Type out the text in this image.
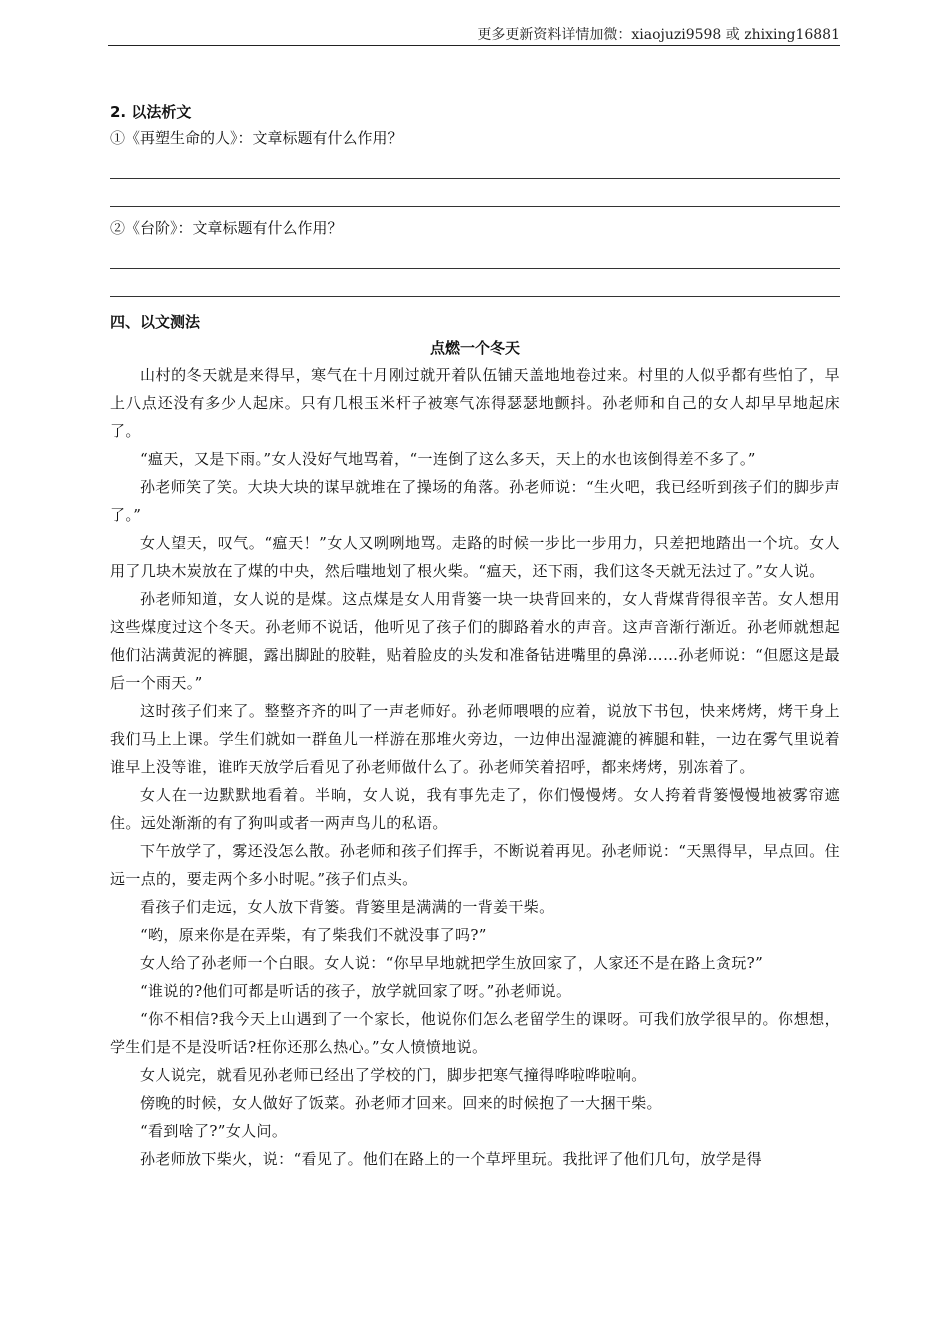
更多更新资料详情加微：xiaojuzi9598 或 zhixing16881

2. 以法析文

①《再塑生命的人》：文章标题有什么作用？

②《台阶》：文章标题有什么作用？

四、以文测法

点燃一个冬天

山村的冬天就是来得早，寒气在十月刚过就开着队伍铺天盖地地卷过来。村里的人似乎都有些怕了，早上八点还没有多少人起床。只有几根玉米杆子被寒气冻得瑟瑟地颤抖。孙老师和自己的女人却早早地起床了。

“瘟天，又是下雨。”女人没好气地骂着，“一连倒了这么多天，天上的水也该倒得差不多了。”

孙老师笑了笑。大块大块的谋早就堆在了操场的角落。孙老师说：“生火吧，我已经听到孩子们的脚步声了。”

女人望天，叹气。“瘟天！”女人又咧咧地骂。走路的时候一步比一步用力，只差把地踏出一个坑。女人用了几块木炭放在了煤的中央，然后嗤地划了根火柴。“瘟天，还下雨，我们这冬天就无法过了。”女人说。

孙老师知道，女人说的是煤。这点煤是女人用背篓一块一块背回来的，女人背煤背得很辛苦。女人想用这些煤度过这个冬天。孙老师不说话，他听见了孩子们的脚路着水的声音。这声音渐行渐近。孙老师就想起他们沾满黄泥的裤腿，露出脚趾的胶鞋，贴着脸皮的头发和准备钻进嘴里的鼻涕……孙老师说：“但愿这是最后一个雨天。”

这时孩子们来了。整整齐齐的叫了一声老师好。孙老师喂喂的应着，说放下书包，快来烤烤，烤干身上我们马上上课。学生们就如一群鱼儿一样游在那堆火旁边，一边伸出湿漉漉的裤腿和鞋，一边在雾气里说着谁早上没等谁，谁昨天放学后看见了孙老师做什么了。孙老师笑着招呼，都来烤烤，别冻着了。

女人在一边默默地看着。半晌，女人说，我有事先走了，你们慢慢烤。女人挎着背篓慢慢地被雾帘遮住。远处渐渐的有了狗叫或者一两声鸟儿的私语。

下午放学了，雾还没怎么散。孙老师和孩子们挥手，不断说着再见。孙老师说：“天黑得早，早点回。住远一点的，要走两个多小时呢。”孩子们点头。

看孩子们走远，女人放下背篓。背篓里是满满的一背姜干柴。

“哟，原来你是在弄柴，有了柴我们不就没事了吗?”

女人给了孙老师一个白眼。女人说：“你早早地就把学生放回家了，人家还不是在路上贪玩?”

“谁说的?他们可都是听话的孩子，放学就回家了呀。”孙老师说。

“你不相信?我今天上山遇到了一个家长，他说你们怎么老留学生的课呀。可我们放学很早的。你想想，学生们是不是没听话?枉你还那么热心。”女人愤愤地说。

女人说完，就看见孙老师已经出了学校的门，脚步把寒气撞得哗啦哗啦响。

傍晚的时候，女人做好了饭菜。孙老师才回来。回来的时候抱了一大捆干柴。

“看到啥了?”女人问。

孙老师放下柴火，说：“看见了。他们在路上的一个草坪里玩。我批评了他们几句，放学是得
